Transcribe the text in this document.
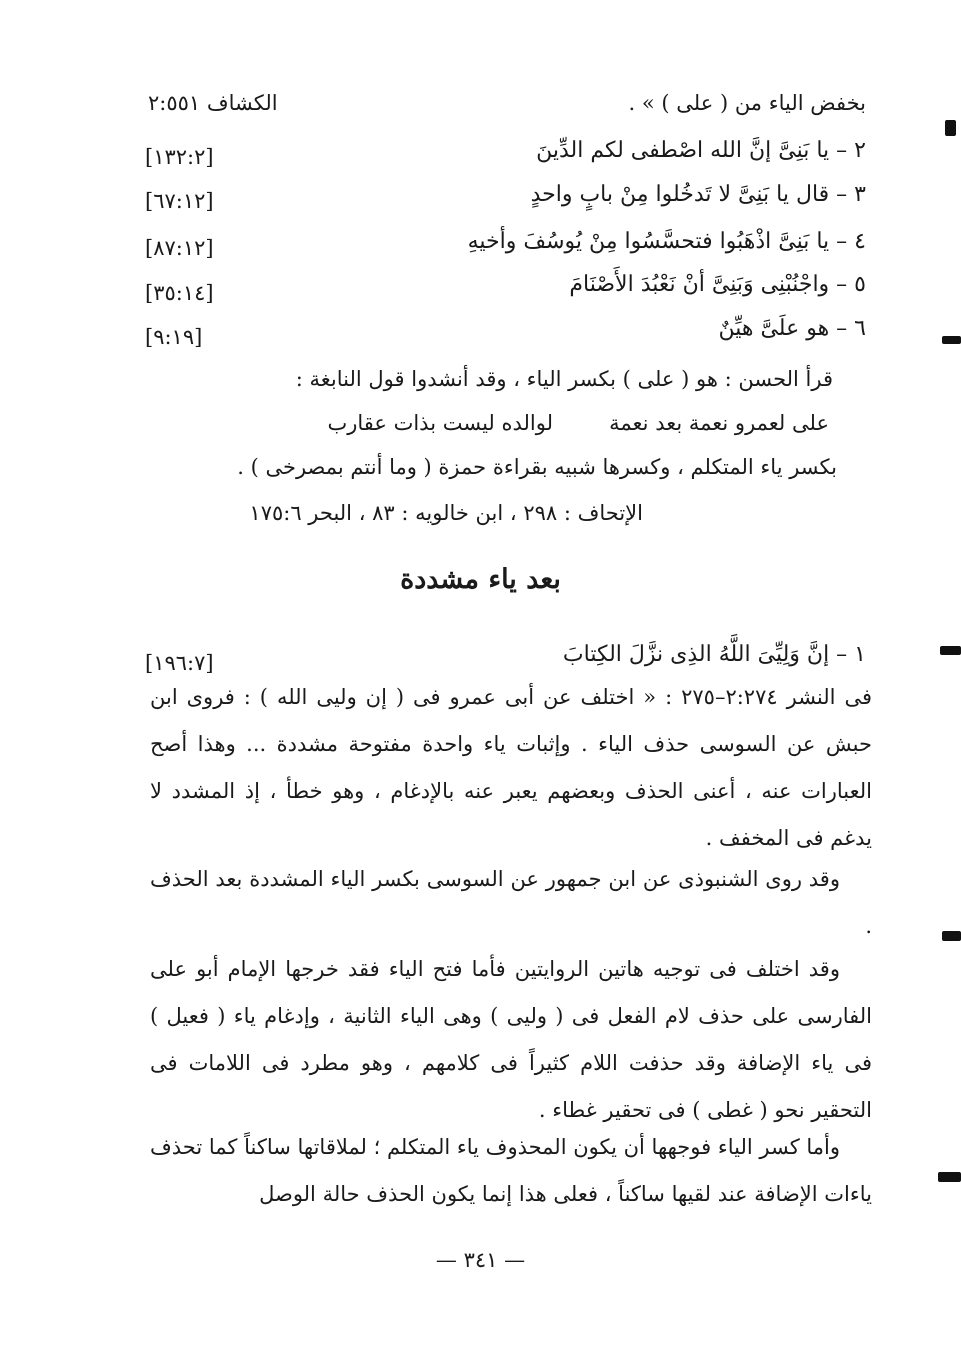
بخفض الياء من ( على ) » .
الكشاف ٢:٥٥١
٢ – يا بَنِىَّ إنَّ الله اصْطفى لكم الدِّينَ
[١٣٢:٢]
٣ – قال يا بَنِىَّ لا تَدخُلوا مِنْ بابٍ واحدٍ
[٦٧:١٢]
٤ – يا بَنِىَّ اذْهَبُوا فتحسَّسُوا مِنْ يُوسُفَ وأخيهِ
[٨٧:١٢]
٥ – واجْنُبْنِى وَبَنِىَّ أنْ نَعْبُدَ الأَصْنَامَ
[٣٥:١٤]
٦ – هو علَىَّ هيِّنٌ
[٩:١٩]
قرأ الحسن : هو ( على ) بكسر الياء ، وقد أنشدوا قول النابغة :
على لعمرو نعمة بعد نعمة
لوالده ليست بذات عقارب
بكسر ياء المتكلم ، وكسرها شبيه بقراءة حمزة ( وما أنتم بمصرخى ) .
الإتحاف : ٢٩٨ ، ابن خالويه : ٨٣ ، البحر ١٧٥:٦
بعد ياء مشددة
١ – إنَّ وَلِيِّىَ اللَّهُ الذِى نزَّلَ الكِتابَ
[١٩٦:٧]
فى النشر ٢:٢٧٤–٢٧٥ : « اختلف عن أبى عمرو فى ( إن وليى الله ) : فروى ابن حبش عن السوسى حذف الياء . وإثبات ياء واحدة مفتوحة مشددة ... وهذا أصح العبارات عنه ، أعنى الحذف وبعضهم يعبر عنه بالإدغام ، وهو خطأ ، إذ المشدد لا يدغم فى المخفف .
وقد روى الشنبوذى عن ابن جمهور عن السوسى بكسر الياء المشددة بعد الحذف .
وقد اختلف فى توجيه هاتين الروايتين فأما فتح الياء فقد خرجها الإمام أبو على الفارسى على حذف لام الفعل فى ( وليى ) وهى الياء الثانية ، وإدغام ياء ( فعيل ) فى ياء الإضافة وقد حذفت اللام كثيراً فى كلامهم ، وهو مطرد فى اللامات فى التحقير نحو ( غطى ) فى تحقير غطاء .
وأما كسر الياء فوجهها أن يكون المحذوف ياء المتكلم ؛ لملاقاتها ساكناً كما تحذف ياءات الإضافة عند لقيها ساكناً ، فعلى هذا إنما يكون الحذف حالة الوصل
— ٣٤١ —
